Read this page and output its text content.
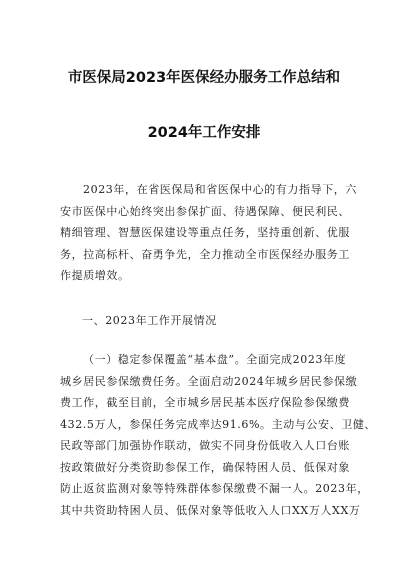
市医保局2023年医保经办服务工作总结和
2024年工作安排
2023年，在省医保局和省医保中心的有力指导下，六
安市医保中心始终突出参保扩面、待遇保障、便民利民、
精细管理、智慧医保建设等重点任务，坚持重创新、优服
务，拉高标杆、奋勇争先，全力推动全市医保经办服务工
作提质增效。
一、2023年工作开展情况
（一）稳定参保覆盖“基本盘”。全面完成2023年度
城乡居民参保缴费任务。全面启动2024年城乡居民参保缴
费工作，截至目前，全市城乡居民基本医疗保险参保缴费
432.5万人，参保任务完成率达91.6%。主动与公安、卫健、
民政等部门加强协作联动，做实不同身份低收入人口台账
按政策做好分类资助参保工作，确保特困人员、低保对象
防止返贫监测对象等特殊群体参保缴费不漏一人。2023年，
其中共资助特困人员、低保对象等低收入人口XX万人XX万
